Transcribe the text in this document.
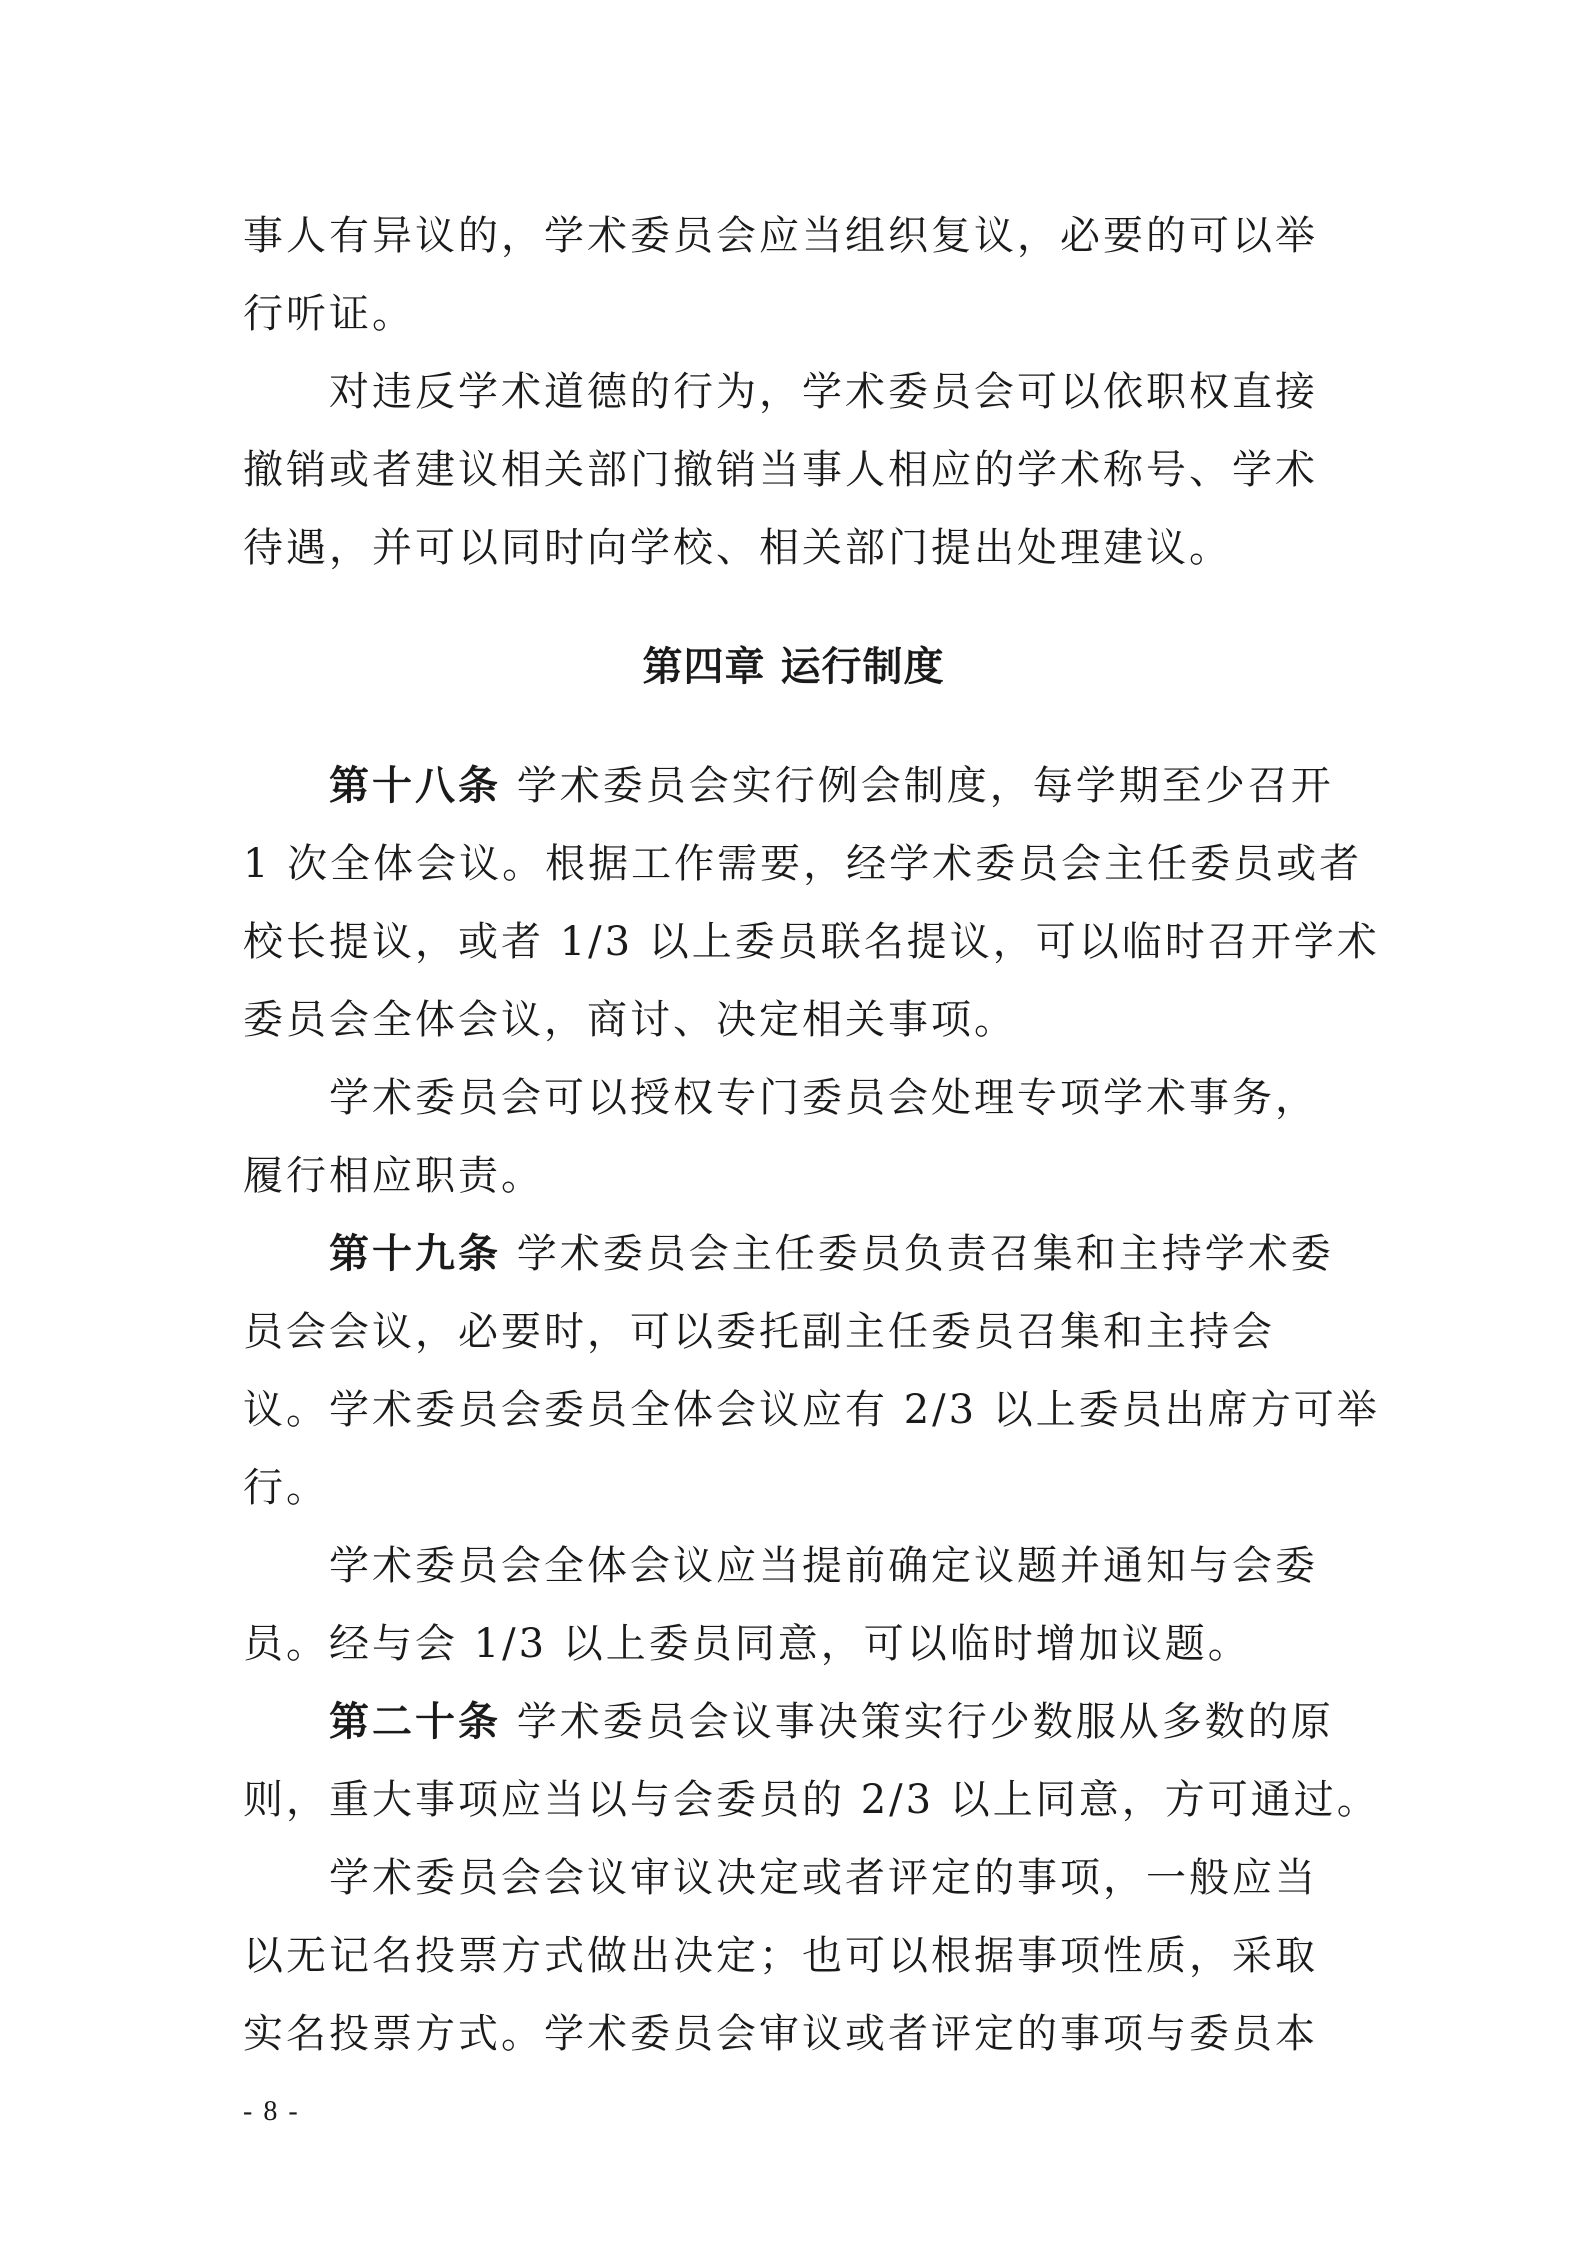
事人有异议的，学术委员会应当组织复议，必要的可以举
行听证。

　　对违反学术道德的行为，学术委员会可以依职权直接
撤销或者建议相关部门撤销当事人相应的学术称号、学术
待遇，并可以同时向学校、相关部门提出处理建议。

第四章 运行制度

　　第十八条 学术委员会实行例会制度，每学期至少召开
1 次全体会议。根据工作需要，经学术委员会主任委员或者
校长提议，或者 1/3 以上委员联名提议，可以临时召开学术
委员会全体会议，商讨、决定相关事项。

　　学术委员会可以授权专门委员会处理专项学术事务，
履行相应职责。

　　第十九条 学术委员会主任委员负责召集和主持学术委
员会会议，必要时，可以委托副主任委员召集和主持会
议。学术委员会委员全体会议应有 2/3 以上委员出席方可举
行。

　　学术委员会全体会议应当提前确定议题并通知与会委
员。经与会 1/3 以上委员同意，可以临时增加议题。

　　第二十条 学术委员会议事决策实行少数服从多数的原
则，重大事项应当以与会委员的 2/3 以上同意，方可通过。

　　学术委员会会议审议决定或者评定的事项，一般应当
以无记名投票方式做出决定；也可以根据事项性质，采取
实名投票方式。学术委员会审议或者评定的事项与委员本

- 8 -
